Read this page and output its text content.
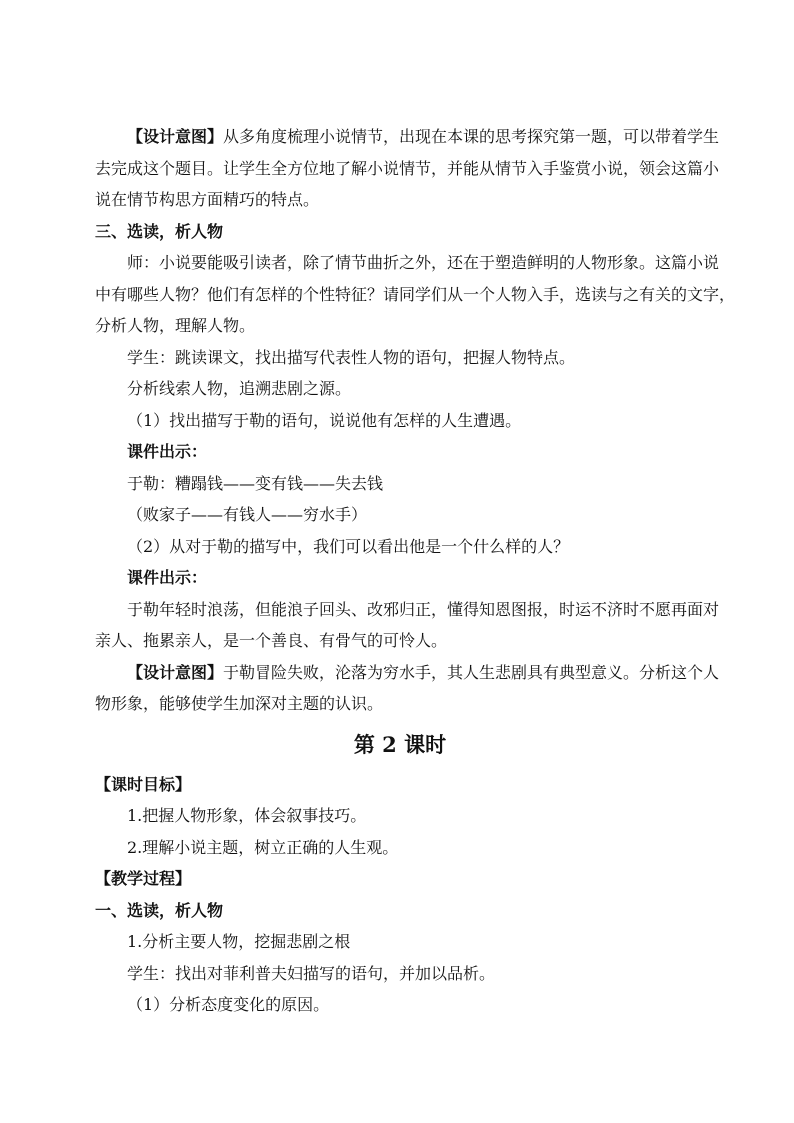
【设计意图】从多角度梳理小说情节，出现在本课的思考探究第一题，可以带着学生

去完成这个题目。让学生全方位地了解小说情节，并能从情节入手鉴赏小说，领会这篇小

说在情节构思方面精巧的特点。

三、选读，析人物

师：小说要能吸引读者，除了情节曲折之外，还在于塑造鲜明的人物形象。这篇小说

中有哪些人物？他们有怎样的个性特征？请同学们从一个人物入手，选读与之有关的文字，

分析人物，理解人物。

学生：跳读课文，找出描写代表性人物的语句，把握人物特点。

分析线索人物，追溯悲剧之源。

（1）找出描写于勒的语句，说说他有怎样的人生遭遇。

课件出示：

于勒：糟蹋钱——变有钱——失去钱

（败家子——有钱人——穷水手）

（2）从对于勒的描写中，我们可以看出他是一个什么样的人？

课件出示：

于勒年轻时浪荡，但能浪子回头、改邪归正，懂得知恩图报，时运不济时不愿再面对

亲人、拖累亲人，是一个善良、有骨气的可怜人。

【设计意图】于勒冒险失败，沦落为穷水手，其人生悲剧具有典型意义。分析这个人

物形象，能够使学生加深对主题的认识。

第 2 课时

【课时目标】

1.把握人物形象，体会叙事技巧。

2.理解小说主题，树立正确的人生观。

【教学过程】

一、选读，析人物

1.分析主要人物，挖掘悲剧之根

学生：找出对菲利普夫妇描写的语句，并加以品析。

（1）分析态度变化的原因。
